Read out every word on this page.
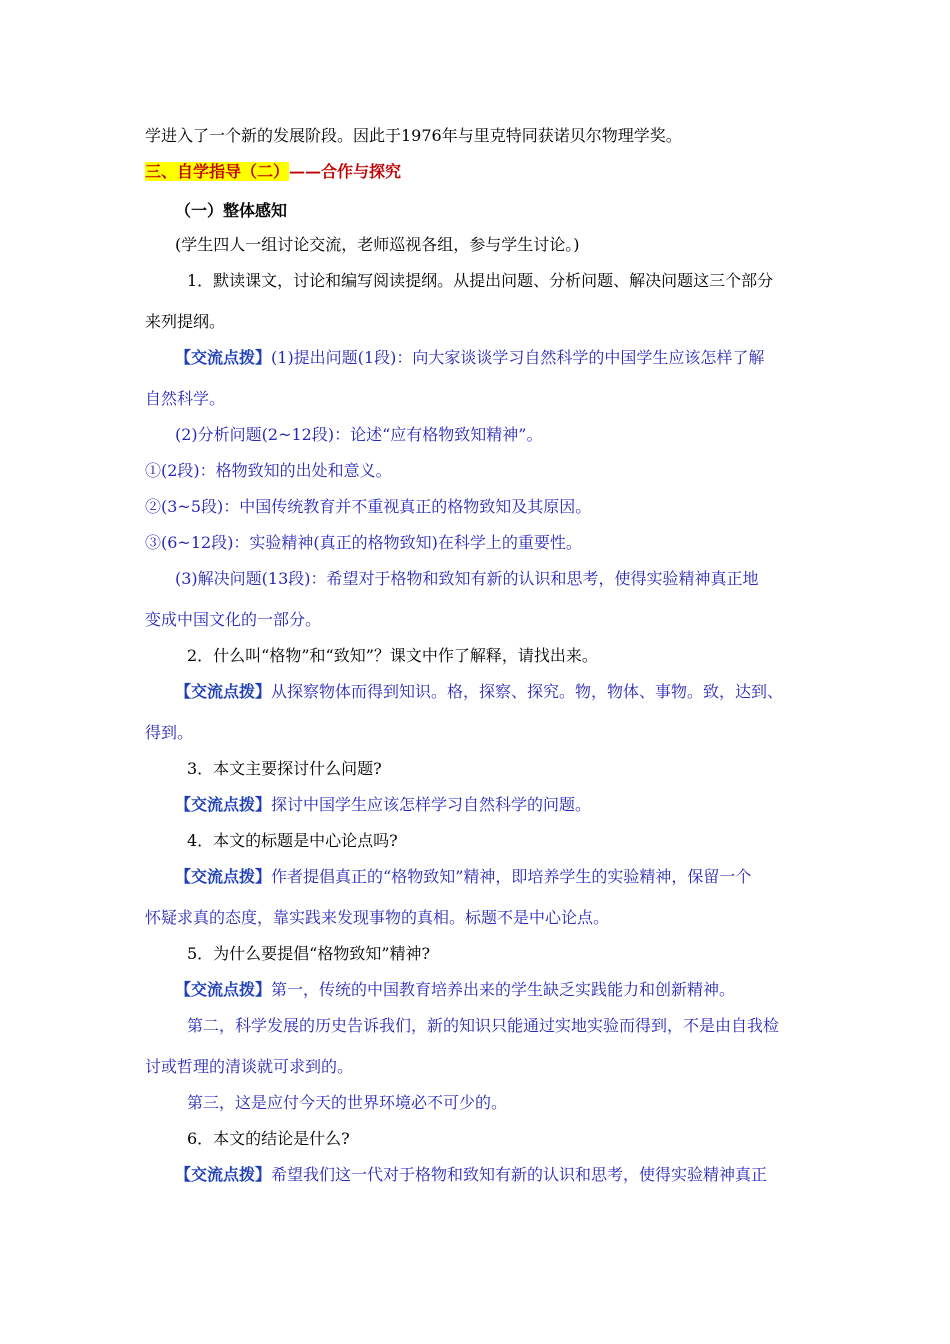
学进入了一个新的发展阶段。因此于1976年与里克特同获诺贝尔物理学奖。
三、自学指导（二）——合作与探究
（一）整体感知
(学生四人一组讨论交流，老师巡视各组，参与学生讨论。)
1．默读课文，讨论和编写阅读提纲。从提出问题、分析问题、解决问题这三个部分
来列提纲。
【交流点拨】(1)提出问题(1段)：向大家谈谈学习自然科学的中国学生应该怎样了解
自然科学。
(2)分析问题(2~12段)：论述“应有格物致知精神”。
①(2段)：格物致知的出处和意义。
②(3~5段)：中国传统教育并不重视真正的格物致知及其原因。
③(6~12段)：实验精神(真正的格物致知)在科学上的重要性。
(3)解决问题(13段)：希望对于格物和致知有新的认识和思考，使得实验精神真正地
变成中国文化的一部分。
2．什么叫“格物”和“致知”？课文中作了解释，请找出来。
【交流点拨】从探察物体而得到知识。格，探察、探究。物，物体、事物。致，达到、
得到。
3．本文主要探讨什么问题?
【交流点拨】探讨中国学生应该怎样学习自然科学的问题。
4．本文的标题是中心论点吗?
【交流点拨】作者提倡真正的“格物致知”精神，即培养学生的实验精神，保留一个
怀疑求真的态度，靠实践来发现事物的真相。标题不是中心论点。
5．为什么要提倡“格物致知”精神?
【交流点拨】第一，传统的中国教育培养出来的学生缺乏实践能力和创新精神。
第二，科学发展的历史告诉我们，新的知识只能通过实地实验而得到，不是由自我检
讨或哲理的清谈就可求到的。
第三，这是应付今天的世界环境必不可少的。
6．本文的结论是什么?
【交流点拨】希望我们这一代对于格物和致知有新的认识和思考，使得实验精神真正
